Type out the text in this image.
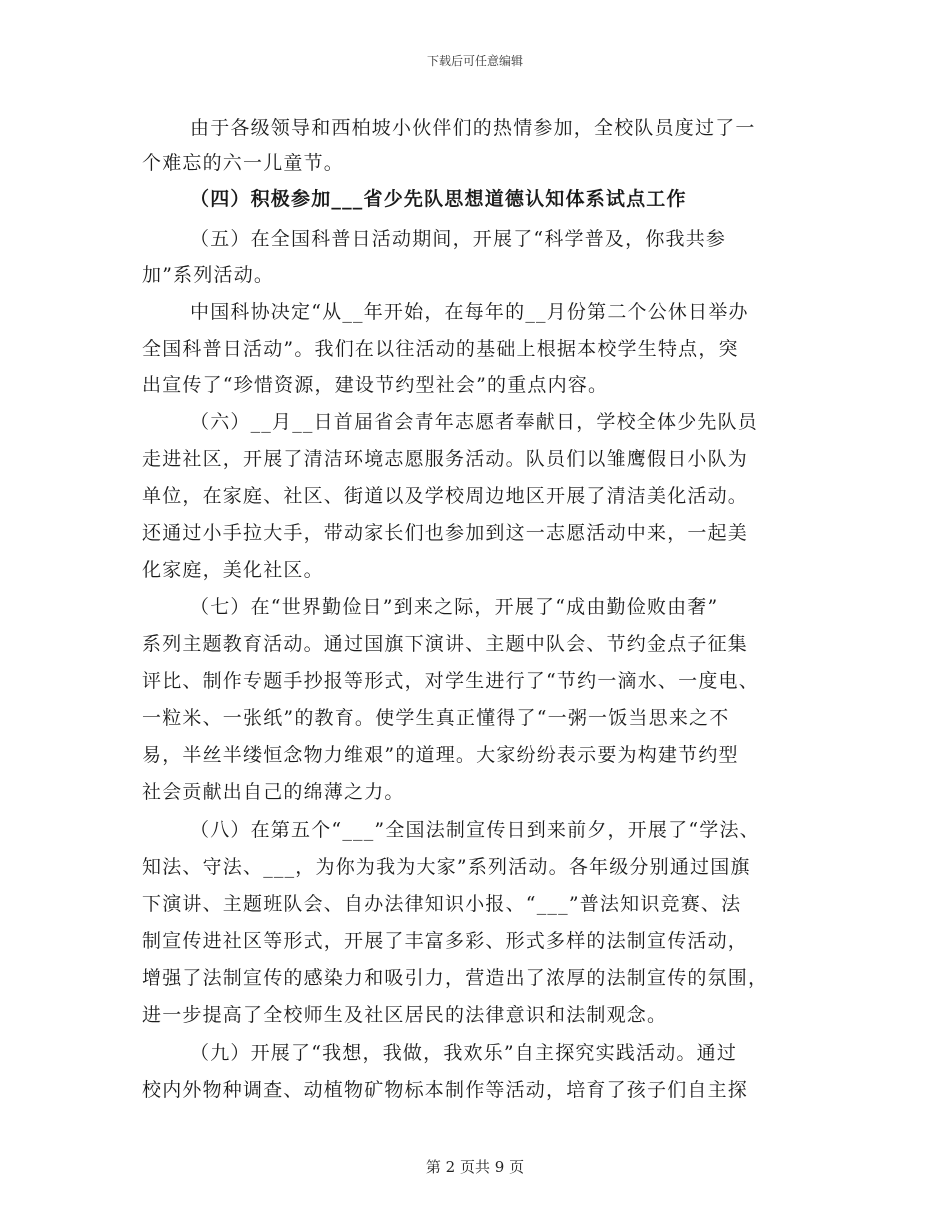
下载后可任意编辑
由于各级领导和西柏坡小伙伴们的热情参加，全校队员度过了一
个难忘的六一儿童节。
（四）积极参加___省少先队思想道德认知体系试点工作
（五）在全国科普日活动期间，开展了“科学普及，你我共参
加”系列活动。
中国科协决定“从__年开始，在每年的__月份第二个公休日举办
全国科普日活动”。我们在以往活动的基础上根据本校学生特点，突
出宣传了“珍惜资源，建设节约型社会”的重点内容。
（六）__月__日首届省会青年志愿者奉献日，学校全体少先队员
走进社区，开展了清洁环境志愿服务活动。队员们以雏鹰假日小队为
单位，在家庭、社区、街道以及学校周边地区开展了清洁美化活动。
还通过小手拉大手，带动家长们也参加到这一志愿活动中来，一起美
化家庭，美化社区。
（七）在“世界勤俭日”到来之际，开展了“成由勤俭败由奢”
系列主题教育活动。通过国旗下演讲、主题中队会、节约金点子征集
评比、制作专题手抄报等形式，对学生进行了“节约一滴水、一度电、
一粒米、一张纸”的教育。使学生真正懂得了“一粥一饭当思来之不
易，半丝半缕恒念物力维艰”的道理。大家纷纷表示要为构建节约型
社会贡献出自己的绵薄之力。
（八）在第五个“___”全国法制宣传日到来前夕，开展了“学法、
知法、守法、___，为你为我为大家”系列活动。各年级分别通过国旗
下演讲、主题班队会、自办法律知识小报、“___”普法知识竞赛、法
制宣传进社区等形式，开展了丰富多彩、形式多样的法制宣传活动，
增强了法制宣传的感染力和吸引力，营造出了浓厚的法制宣传的氛围，
进一步提高了全校师生及社区居民的法律意识和法制观念。
（九）开展了“我想，我做，我欢乐”自主探究实践活动。通过
校内外物种调查、动植物矿物标本制作等活动，培育了孩子们自主探
第 2 页共 9 页
